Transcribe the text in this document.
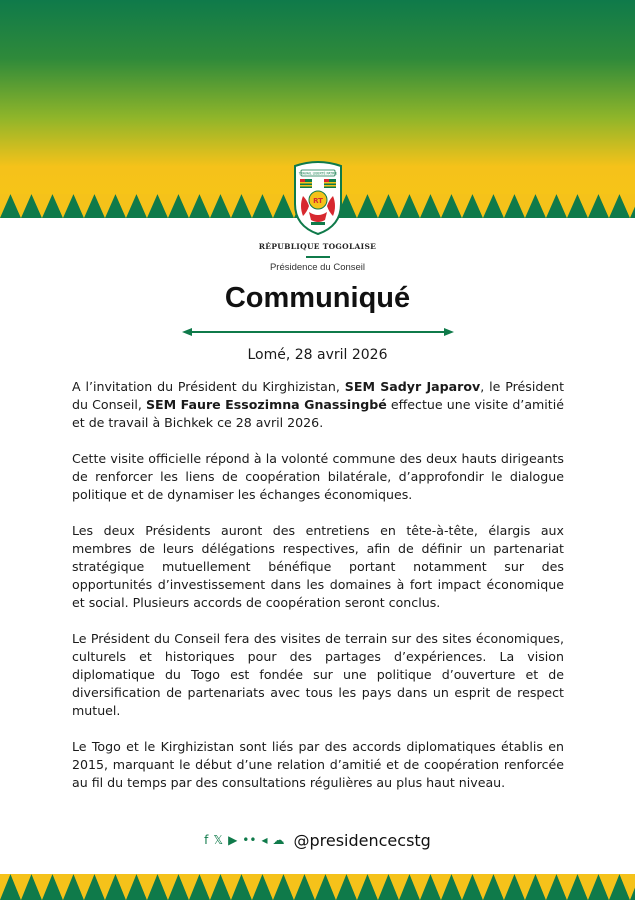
TRAVAIL LIBERTÉ PATRIE
RT
RÉPUBLIQUE TOGOLAISE
Présidence du Conseil
Communiqué
Lomé, 28 avril 2026

A l’invitation du Président du Kirghizistan, SEM Sadyr Japarov, le Président du Conseil, SEM Faure Essozimna Gnassingbé effectue une visite d’amitié et de travail à Bichkek ce 28 avril 2026.

Cette visite officielle répond à la volonté commune des deux hauts dirigeants de renforcer les liens de coopération bilatérale, d’approfondir le dialogue politique et de dynamiser les échanges économiques.

Les deux Présidents auront des entretiens en tête-à-tête, élargis aux membres de leurs délégations respectives, afin de définir un partenariat stratégique mutuellement bénéfique portant notamment sur des opportunités d’investissement dans les domaines à fort impact économique et social. Plusieurs accords de coopération seront conclus.

Le Président du Conseil fera des visites de terrain sur des sites économiques, culturels et historiques pour des partages d’expériences. La vision diplomatique du Togo est fondée sur une politique d’ouverture et de diversification de partenariats avec tous les pays dans un esprit de respect mutuel.

Le Togo et le Kirghizistan sont liés par des accords diplomatiques établis en 2015, marquant le début d’une relation d’amitié et de coopération renforcée au fil du temps par des consultations régulières au plus haut niveau.

f 𝕏 ▶ •• ◂ ☁ @presidencecstg
